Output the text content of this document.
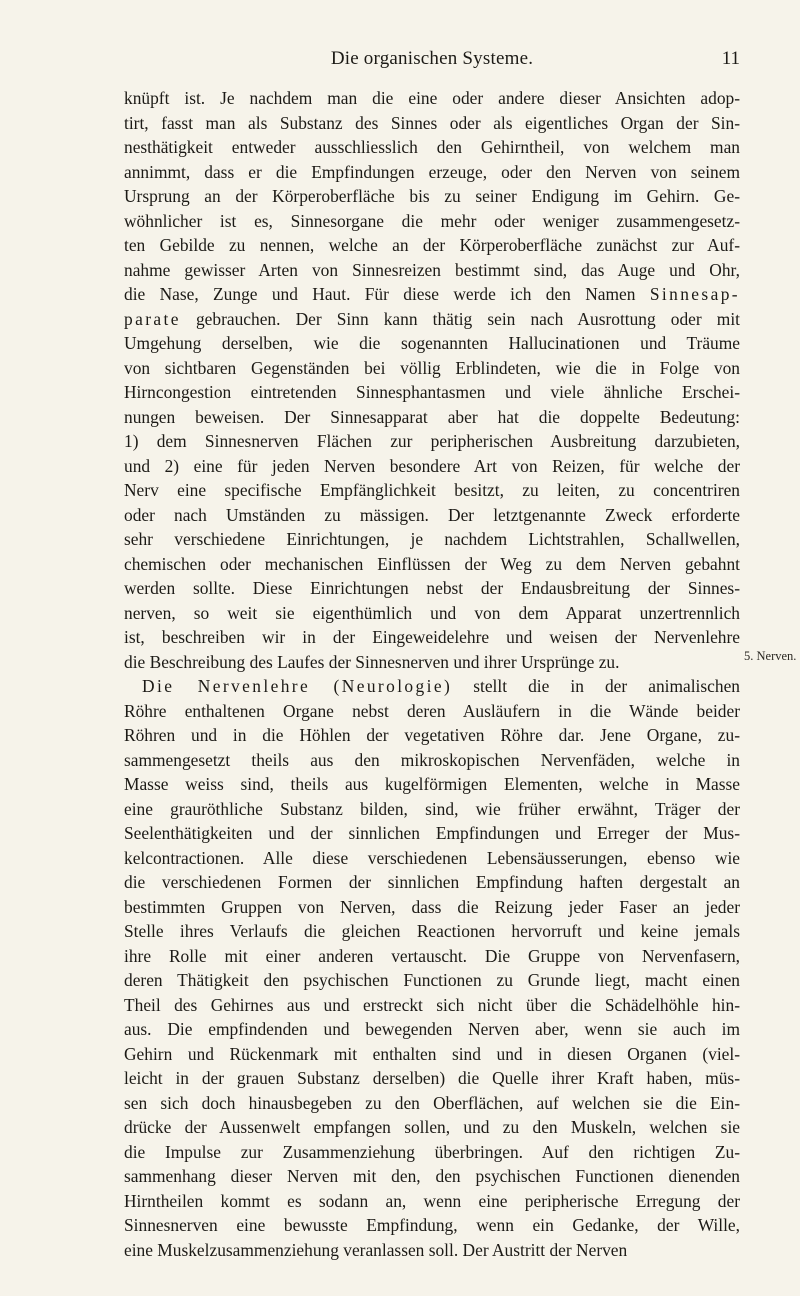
Die organischen Systeme.	11
knüpft ist. Je nachdem man die eine oder andere dieser Ansichten adop-
tirt, fasst man als Substanz des Sinnes oder als eigentliches Organ der Sin-
nesthätigkeit entweder ausschliesslich den Gehirntheil, von welchem man
annimmt, dass er die Empfindungen erzeuge, oder den Nerven von seinem
Ursprung an der Körperoberfläche bis zu seiner Endigung im Gehirn. Ge-
wöhnlicher ist es, Sinnesorgane die mehr oder weniger zusammengesetz-
ten Gebilde zu nennen, welche an der Körperoberfläche zunächst zur Auf-
nahme gewisser Arten von Sinnesreizen bestimmt sind, das Auge und Ohr,
die Nase, Zunge und Haut. Für diese werde ich den Namen Sinnesap-
parate gebrauchen. Der Sinn kann thätig sein nach Ausrottung oder mit
Umgehung derselben, wie die sogenannten Hallucinationen und Träume
von sichtbaren Gegenständen bei völlig Erblindeten, wie die in Folge von
Hirncongestion eintretenden Sinnesphantasmen und viele ähnliche Erschei-
nungen beweisen. Der Sinnesapparat aber hat die doppelte Bedeutung:
1) dem Sinnesnerven Flächen zur peripherischen Ausbreitung darzubieten,
und 2) eine für jeden Nerven besondere Art von Reizen, für welche der
Nerv eine specifische Empfänglichkeit besitzt, zu leiten, zu concentriren
oder nach Umständen zu mässigen. Der letztgenannte Zweck erforderte
sehr verschiedene Einrichtungen, je nachdem Lichtstrahlen, Schallwellen,
chemischen oder mechanischen Einflüssen der Weg zu dem Nerven gebahnt
werden sollte. Diese Einrichtungen nebst der Endausbreitung der Sinnes-
nerven, so weit sie eigenthümlich und von dem Apparat unzertrennlich
ist, beschreiben wir in der Eingeweidelehre und weisen der Nervenlehre
die Beschreibung des Laufes der Sinnesnerven und ihrer Ursprünge zu.
Die Nervenlehre (Neurologie) stellt die in der animalischen
Röhre enthaltenen Organe nebst deren Ausläufern in die Wände beider
Röhren und in die Höhlen der vegetativen Röhre dar. Jene Organe, zu-
sammengesetzt theils aus den mikroskopischen Nervenfäden, welche in
Masse weiss sind, theils aus kugelförmigen Elementen, welche in Masse
eine grauröthliche Substanz bilden, sind, wie früher erwähnt, Träger der
Seelenthätigkeiten und der sinnlichen Empfindungen und Erreger der Mus-
kelcontractionen. Alle diese verschiedenen Lebensäusserungen, ebenso wie
die verschiedenen Formen der sinnlichen Empfindung haften dergestalt an
bestimmten Gruppen von Nerven, dass die Reizung jeder Faser an jeder
Stelle ihres Verlaufs die gleichen Reactionen hervorruft und keine jemals
ihre Rolle mit einer anderen vertauscht. Die Gruppe von Nervenfasern,
deren Thätigkeit den psychischen Functionen zu Grunde liegt, macht einen
Theil des Gehirnes aus und erstreckt sich nicht über die Schädelhöhle hin-
aus. Die empfindenden und bewegenden Nerven aber, wenn sie auch im
Gehirn und Rückenmark mit enthalten sind und in diesen Organen (viel-
leicht in der grauen Substanz derselben) die Quelle ihrer Kraft haben, müs-
sen sich doch hinausbegeben zu den Oberflächen, auf welchen sie die Ein-
drücke der Aussenwelt empfangen sollen, und zu den Muskeln, welchen sie
die Impulse zur Zusammenziehung überbringen. Auf den richtigen Zu-
sammenhang dieser Nerven mit den, den psychischen Functionen dienenden
Hirntheilen kommt es sodann an, wenn eine peripherische Erregung der
Sinnesnerven eine bewusste Empfindung, wenn ein Gedanke, der Wille,
eine Muskelzusammenziehung veranlassen soll. Der Austritt der Nerven
5. Nerven.
